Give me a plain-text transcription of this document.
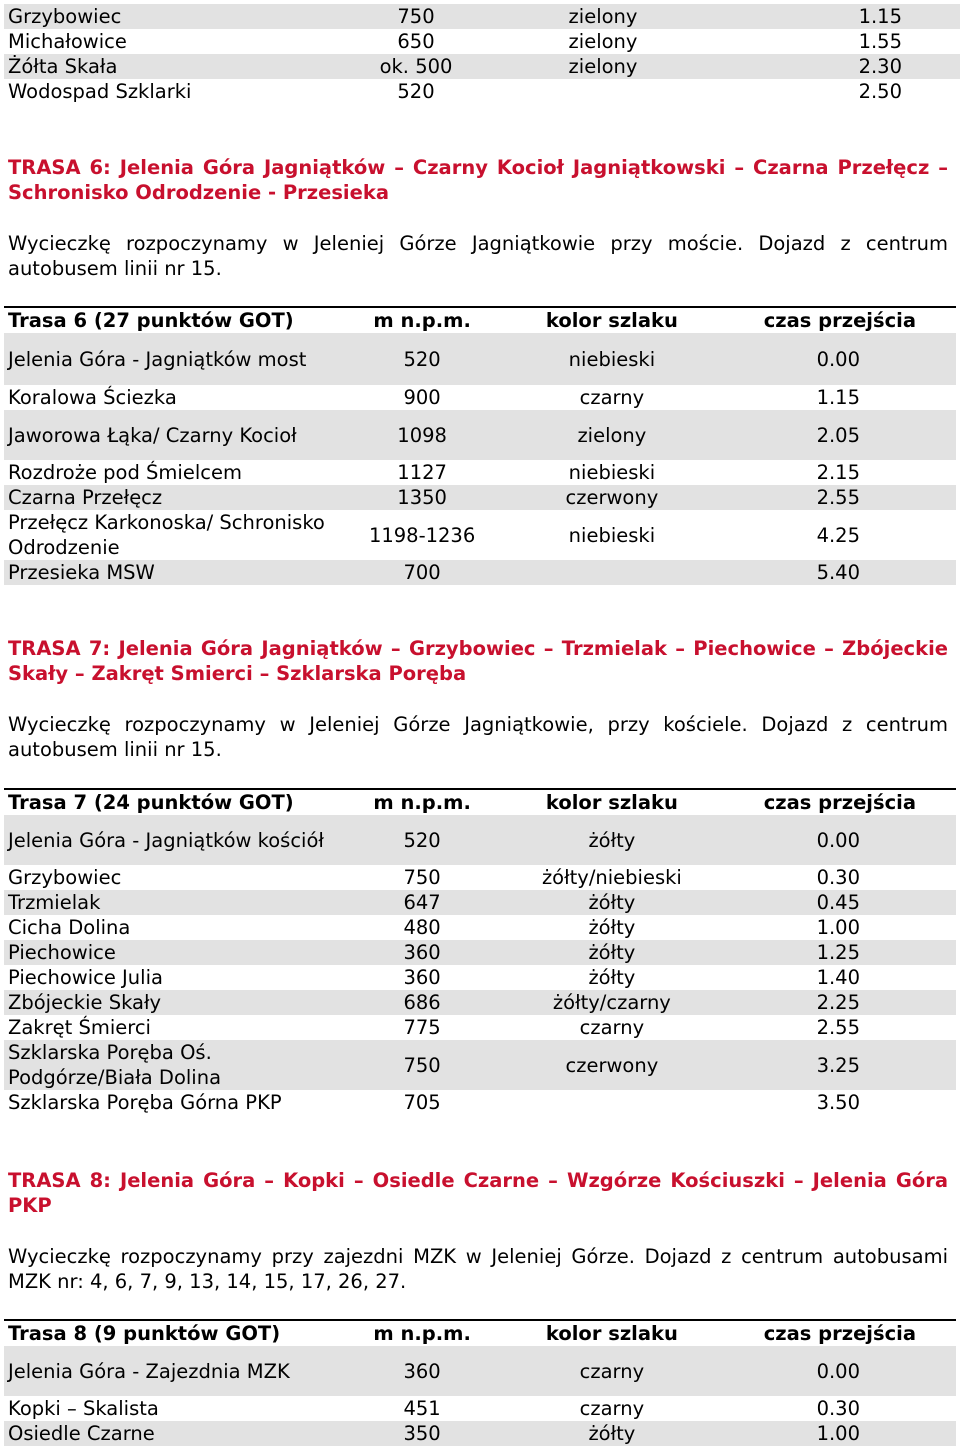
Grzybowiec	750	zielony	1.15
Michałowice	650	zielony	1.55
Żółta Skała	ok. 500	zielony	2.30
Wodospad Szklarki	520		2.50
TRASA 6: Jelenia Góra Jagniątków – Czarny Kocioł Jagniątkowski – Czarna Przełęcz – Schronisko Odrodzenie - Przesieka
Wycieczkę rozpoczynamy w Jeleniej Górze Jagniątkowie przy moście. Dojazd z centrum autobusem linii nr 15.
Trasa 6 (27 punktów GOT)	m n.p.m.	kolor szlaku	czas przejścia
Jelenia Góra - Jagniątków most	520	niebieski	0.00
Koralowa Ściezka	900	czarny	1.15
Jaworowa Łąka/ Czarny Kocioł	1098	zielony	2.05
Rozdroże pod Śmielcem	1127	niebieski	2.15
Czarna Przełęcz	1350	czerwony	2.55
Przełęcz Karkonoska/ Schronisko Odrodzenie	1198-1236	niebieski	4.25
Przesieka MSW	700		5.40
TRASA 7: Jelenia Góra Jagniątków – Grzybowiec – Trzmielak – Piechowice – Zbójeckie Skały – Zakręt Smierci – Szklarska Poręba
Wycieczkę rozpoczynamy w Jeleniej Górze Jagniątkowie, przy kościele. Dojazd z centrum autobusem linii nr 15.
Trasa 7 (24 punktów GOT)	m n.p.m.	kolor szlaku	czas przejścia
Jelenia Góra - Jagniątków kościół	520	żółty	0.00
Grzybowiec	750	żółty/niebieski	0.30
Trzmielak	647	żółty	0.45
Cicha Dolina	480	żółty	1.00
Piechowice	360	żółty	1.25
Piechowice Julia	360	żółty	1.40
Zbójeckie Skały	686	żółty/czarny	2.25
Zakręt Śmierci	775	czarny	2.55
Szklarska Poręba Oś. Podgórze/Biała Dolina	750	czerwony	3.25
Szklarska Poręba Górna PKP	705		3.50
TRASA 8: Jelenia Góra – Kopki – Osiedle Czarne – Wzgórze Kościuszki – Jelenia Góra PKP
Wycieczkę rozpoczynamy przy zajezdni MZK w Jeleniej Górze. Dojazd z centrum autobusami MZK nr: 4, 6, 7, 9, 13, 14, 15, 17, 26, 27.
Trasa 8 (9 punktów GOT)	m n.p.m.	kolor szlaku	czas przejścia
Jelenia Góra - Zajezdnia MZK	360	czarny	0.00
Kopki – Skalista	451	czarny	0.30
Osiedle Czarne	350	żółty	1.00
